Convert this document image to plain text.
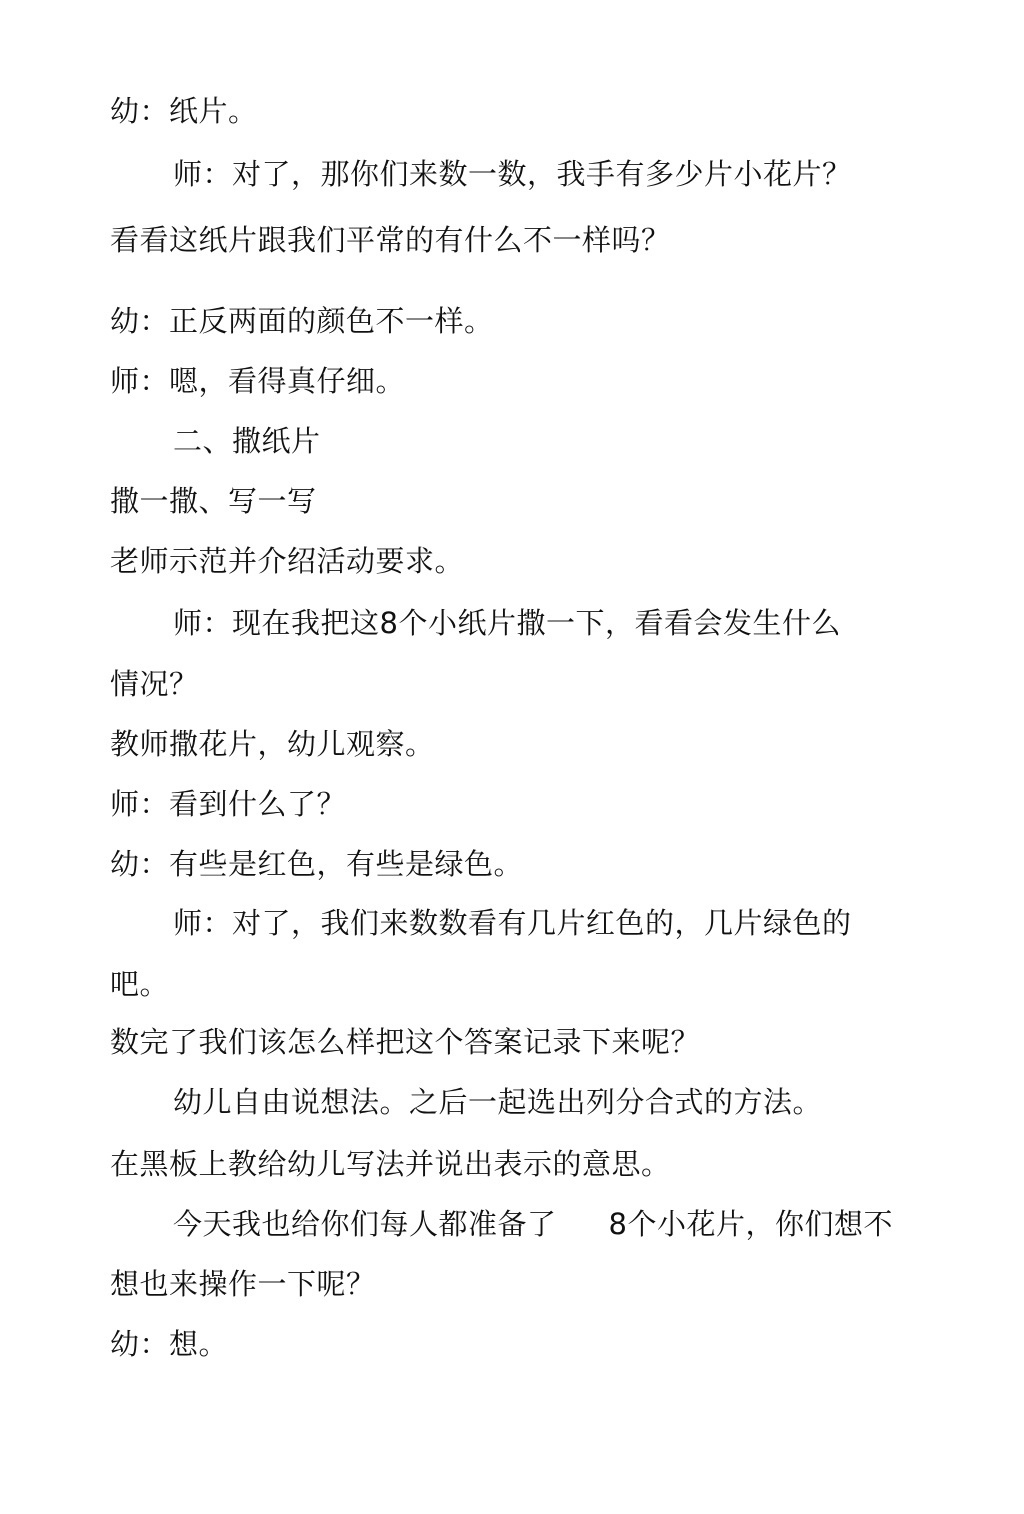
幼：纸片。

师：对了，那你们来数一数，我手有多少片小花片？

看看这纸片跟我们平常的有什么不一样吗？

幼：正反两面的颜色不一样。

师：嗯，看得真仔细。

二、撒纸片

撒一撒、写一写

老师示范并介绍活动要求。

师：现在我把这8个小纸片撒一下，看看会发生什么

情况？

教师撒花片，幼儿观察。

师：看到什么了？

幼：有些是红色，有些是绿色。

师：对了，我们来数数看有几片红色的，几片绿色的

吧。

数完了我们该怎么样把这个答案记录下来呢？

幼儿自由说想法。之后一起选出列分合式的方法。

在黑板上教给幼儿写法并说出表示的意思。

今天我也给你们每人都准备了 8个小花片，你们想不

想也来操作一下呢？

幼：想。
